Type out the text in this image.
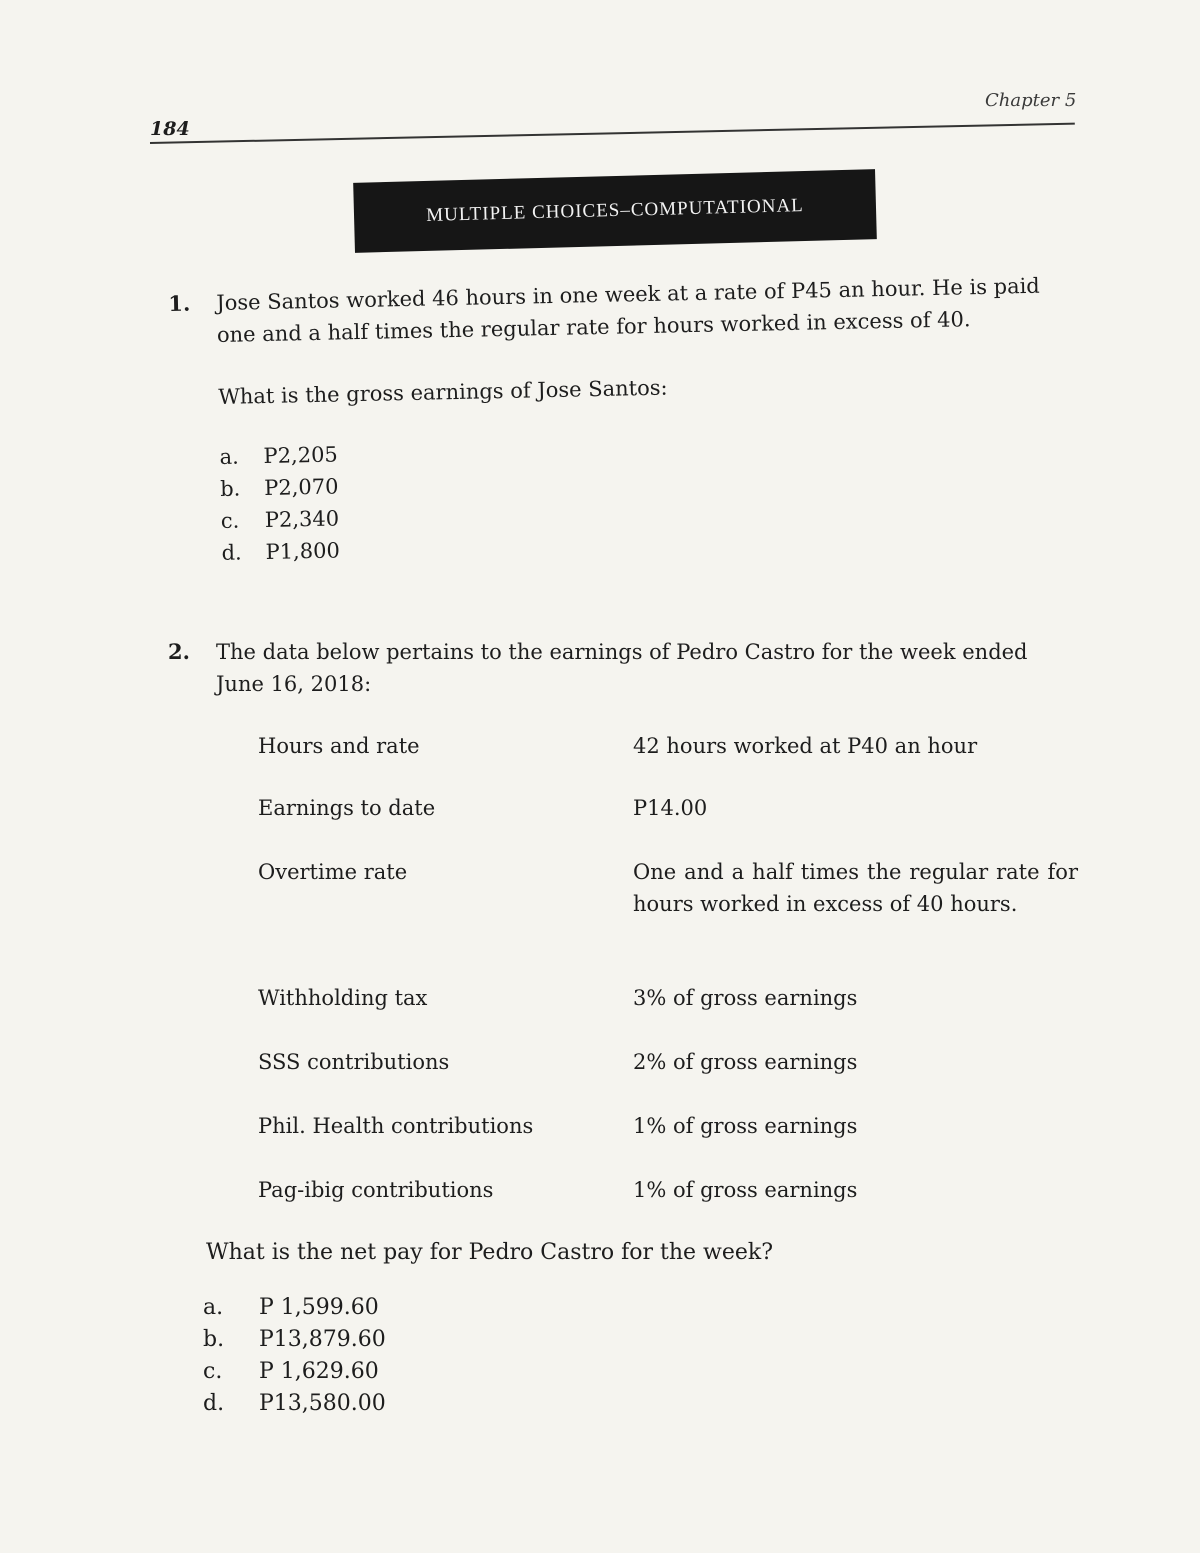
Chapter 5
184
MULTIPLE CHOICES–COMPUTATIONAL
1. Jose Santos worked 46 hours in one week at a rate of P45 an hour. He is paid one and a half times the regular rate for hours worked in excess of 40.
What is the gross earnings of Jose Santos:
a.	P2,205
b.	P2,070
c.	P2,340
d.	P1,800
2. The data below pertains to the earnings of Pedro Castro for the week ended June 16, 2018:
Hours and rate	42 hours worked at P40 an hour
Earnings to date	P14.00
Overtime rate	One and a half times the regular rate for hours worked in excess of 40 hours.
Withholding tax	3% of gross earnings
SSS contributions	2% of gross earnings
Phil. Health contributions	1% of gross earnings
Pag-ibig contributions	1% of gross earnings
What is the net pay for Pedro Castro for the week?
a.	P 1,599.60
b.	P13,879.60
c.	P 1,629.60
d.	P13,580.00
